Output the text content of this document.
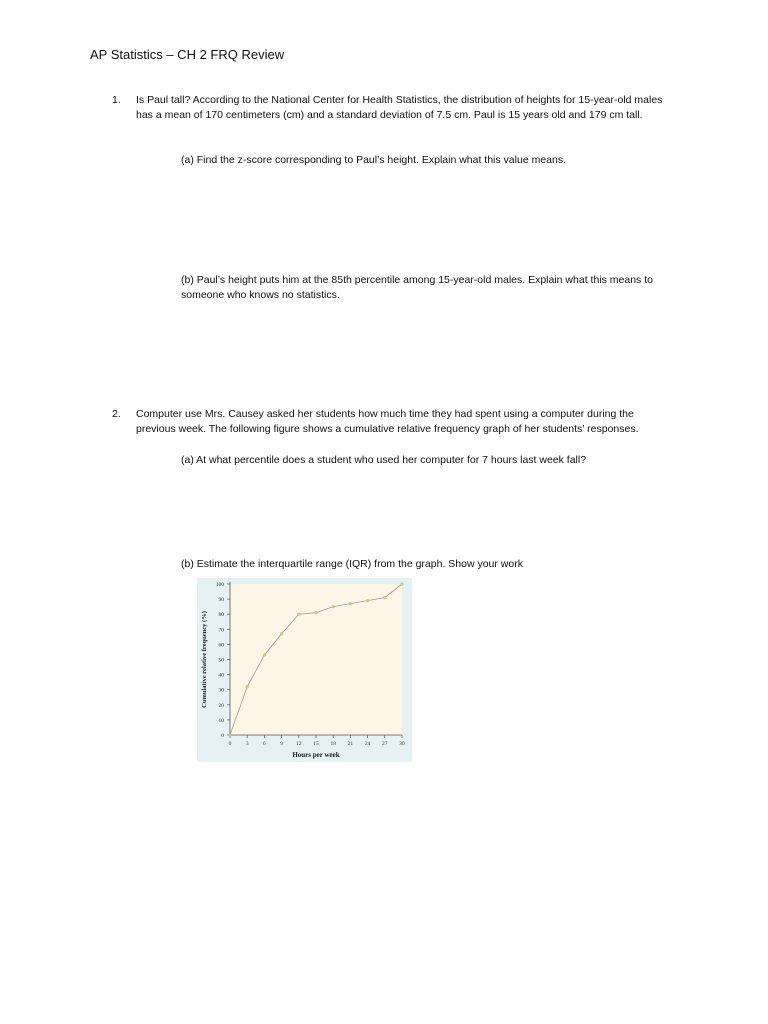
AP Statistics – CH 2 FRQ Review
1. Is Paul tall? According to the National Center for Health Statistics, the distribution of heights for 15-year-old males has a mean of 170 centimeters (cm) and a standard deviation of 7.5 cm. Paul is 15 years old and 179 cm tall.
(a) Find the z-score corresponding to Paul’s height. Explain what this value means.
(b) Paul’s height puts him at the 85th percentile among 15-year-old males. Explain what this means to someone who knows no statistics.
2. Computer use Mrs. Causey asked her students how much time they had spent using a computer during the previous week. The following figure shows a cumulative relative frequency graph of her students’ responses.
(a) At what percentile does a student who used her computer for 7 hours last week fall?
(b) Estimate the interquartile range (IQR) from the graph. Show your work
0
10
20
30
40
50
60
70
80
90
100
0	3	6	9 12 15 18 21 24 27 30
Hours per week
Cumulative relative frequency (%)
